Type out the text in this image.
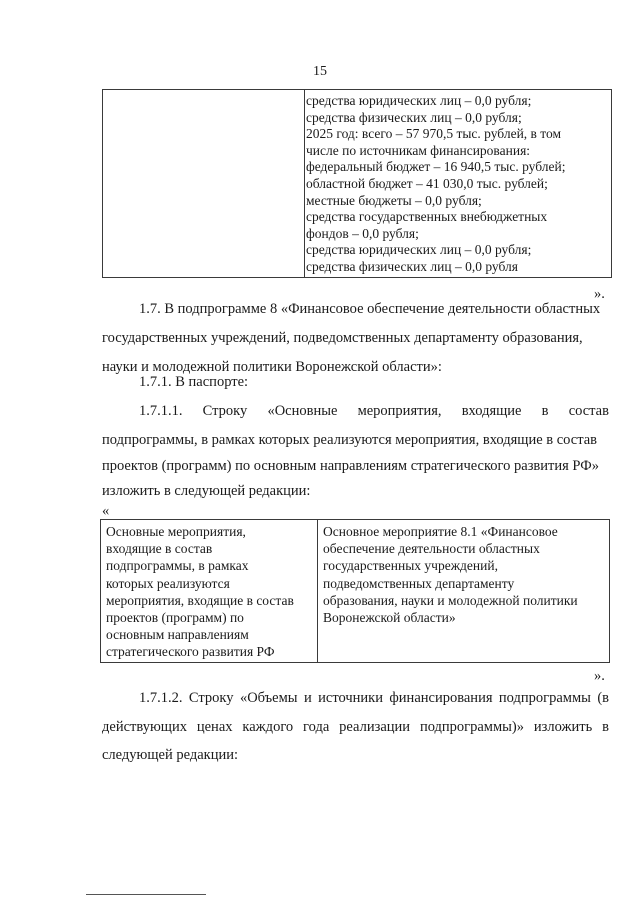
15
средства юридических лиц – 0,0 рубля;
средства физических лиц – 0,0 рубля;
2025 год: всего – 57 970,5 тыс. рублей, в том
числе по источникам финансирования:
федеральный бюджет – 16 940,5 тыс. рублей;
областной бюджет – 41 030,0 тыс. рублей;
местные бюджеты – 0,0 рубля;
средства государственных внебюджетных
фондов – 0,0 рубля;
средства юридических лиц – 0,0 рубля;
средства физических лиц – 0,0 рубля
».
1.7. В подпрограмме 8 «Финансовое обеспечение деятельности областных
государственных учреждений, подведомственных департаменту образования,
науки и молодежной политики Воронежской области»:
1.7.1. В паспорте:
1.7.1.1. Строку «Основные мероприятия, входящие в состав
подпрограммы, в рамках которых реализуются мероприятия, входящие в состав
проектов (программ) по основным направлениям стратегического развития РФ»
изложить в следующей редакции:
«
Основные мероприятия,
входящие в состав
подпрограммы, в рамках
которых реализуются
мероприятия, входящие в состав
проектов (программ) по
основным направлениям
стратегического развития РФ
Основное мероприятие 8.1 «Финансовое
обеспечение деятельности областных
государственных учреждений,
подведомственных департаменту
образования, науки и молодежной политики
Воронежской области»
».
1.7.1.2. Строку «Объемы и источники финансирования подпрограммы (в
действующих ценах каждого года реализации подпрограммы)» изложить в
следующей редакции:
